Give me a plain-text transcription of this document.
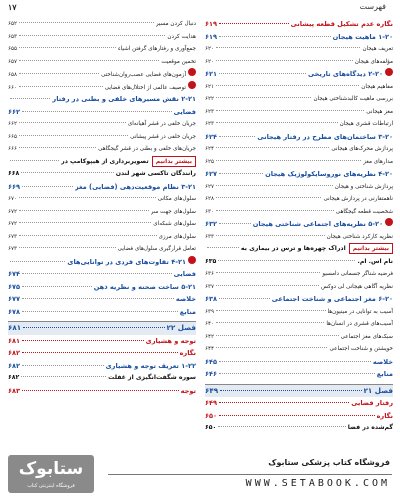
۱۷	فهرست
دنبال کردن مسیر
۶۵۲
هدایت کردن
۶۵۳
جمع‌آوری و رفتارهای گرفتن اشیاء
۶۵۵
تخمین موقعیت
۶۵۷
آزمون‌های فضایی عصب‌روان‌شناختی
۶۵۸
توصیف عالمی از اختلال‌های فضایی
۶۶۰
۲-۲۱ نقش مسیرهای خلفی و بطنی در رفتار
فضایی
۶۶۲
جریان خلفی در قشر آهیانه‌ای
۶۶۲
جریان خلفی در قشر پیشانی
۶۶۵
جریان‌های خلفی و بطنی در قشر گیجگاهی
۶۶۶
بیشتر بدانیم
تصویربرداری از هیپوکامپ در
رانندگان تاکسی شهر لندن
۶۶۸
۳-۲۱ نظام موقعیت‌دهی (فضایی) مغز
۶۶۹
سلول‌های مکانی
۶۷۰
سلول‌های جهت سر
۶۷۲
سلول‌های شبکه‌ای
۶۷۲
سلول‌های مرزی
۶۷۳
تعامل قرارگیری سلول‌های فضایی
۶۷۳
۴-۲۱ تفاوت‌های فردی در توانایی‌های
فضایی
۶۷۴
۵-۲۱ ساخت صحنه و نظریه ذهن
۶۷۵
خلاصه
۶۷۷
منابع
۶۷۸
فصل ۲۲
۶۸۱
توجه و هشیاری
۶۸۱
نگاره
۶۸۲
۱-۲۲ تعریف توجه و هشیاری
۶۸۲
سوره شگفت‌انگیزی از غفلت
۶۸۲
توجه
۶۸۳
نگاره عدم تشکیل قطعه پیشانی
۶۱۹
۱-۲۰ ماهیت هیجان
۶۱۹
تعریف هیجان
۶۲۰
مؤلفه‌های هیجان
۶۲۰
۲-۲۰ دیدگاه‌های تاریخی
۶۲۱
مفاهیم هیجان
۶۲۱
بررسی ماهیت کالبدشناختی هیجان
۶۲۲
مغز هیجانی
۶۲۳
ارتباطات قشری هیجان
۶۲۳
۳-۲۰ ساختمان‌های مطرح در رفتار هیجانی
۶۲۴
پردازش محرک‌های هیجانی
۶۲۴
مدارهای مغز
۶۲۵
۴-۲۰ نظریه‌های نوروسایکولوژیک هیجان
۶۲۷
پردازش شناختی و هیجان
۶۲۷
ناهمتقارنی در پردازش هیجانی
۶۲۸
شخصیت قطعه گیجگاهی
۶۳۰
۵-۲۰ نظریه‌های اجتماعی شناختی هیجان
۶۳۲
نظریه کارکرد شناختی هیجان
۶۳۳
بیشتر بدانیم
ادراک چهره‌ها و ترس در بیماری به
نام اس. ام.
۶۳۵
فرضیه شناگر جسمانی دامسیو
۶۳۶
نظریه آگاهی هیجانی لی دوکس
۶۳۷
۶-۲۰ مغز اجتماعی و شناخت اجتماعی
۶۳۸
آسیب به توانایی در مینیون‌ها
۶۳۹
آسیب‌های قشری در انسان‌ها
۶۴۰
سبک‌های مغز اجتماعی
۶۴۲
خویشتن و شناخت اجتماعی
۶۴۴
خلاصه
۶۴۵
منابع
۶۴۶
فصل ۲۱
۶۴۹
رفتار فضایی
۶۴۹
نگاره
۶۵۰
گم‌شده در فضا
۶۵۰
ستابوک
فروشگاه اینترنتی کتاب
فروشگاه کتاب پزشکی ستابوک
WWW.SETABOOK.COM
